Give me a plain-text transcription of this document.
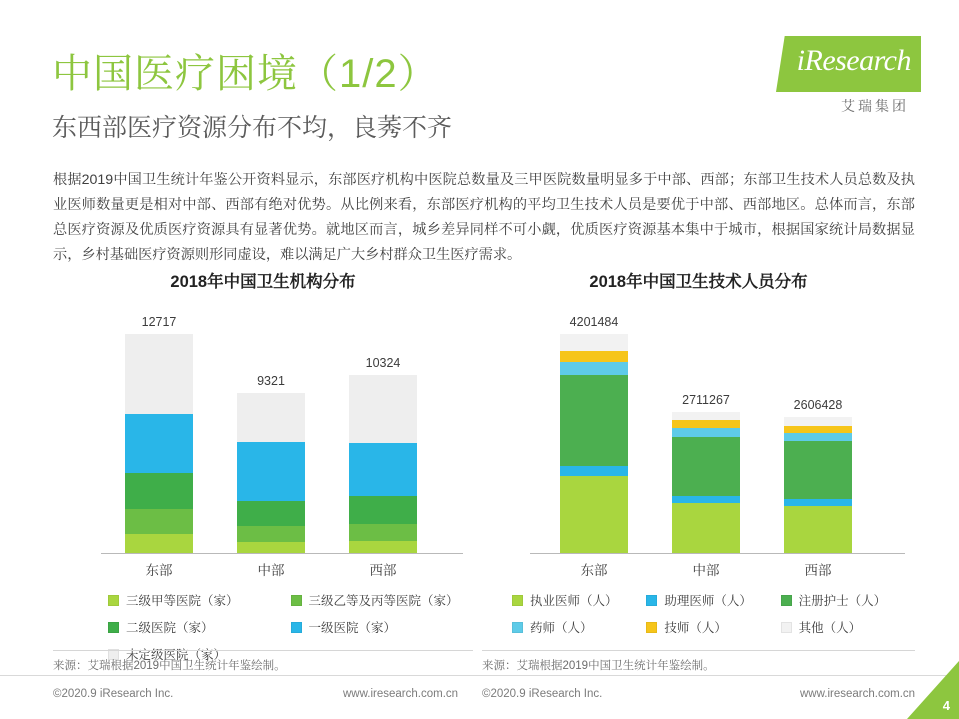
中国医疗困境（1/2）
东西部医疗资源分布不均，良莠不齐
iResearch
艾瑞集团
根据2019中国卫生统计年鉴公开资料显示，东部医疗机构中医院总数量及三甲医院数量明显多于中部、西部；东部卫生技术人员总数及执业医师数量更是相对中部、西部有绝对优势。从比例来看，东部医疗机构的平均卫生技术人员是要优于中部、西部地区。总体而言，东部总医疗资源及优质医疗资源具有显著优势。就地区而言，城乡差异同样不可小觑，优质医疗资源基本集中于城市，根据国家统计局数据显示，乡村基础医疗资源则形同虚设，难以满足广大乡村群众卫生医疗需求。
2018年中国卫生机构分布
12717
9321
10324
东部	中部	西部
三级甲等医院（家）	三级乙等及丙等医院（家）
二级医院（家）	一级医院（家）
未定级医院（家）
2018年中国卫生技术人员分布
4201484
2711267	2606428
东部	中部	西部
执业医师（人）	助理医师（人）	注册护士（人）
药师（人）	技师（人）	其他（人）
来源：艾瑞根据2019中国卫生统计年鉴绘制。	来源：艾瑞根据2019中国卫生统计年鉴绘制。
©2020.9 iResearch Inc.	www.iresearch.com.cn ©2020.9 iResearch Inc.	www.iresearch.com.cn
4
